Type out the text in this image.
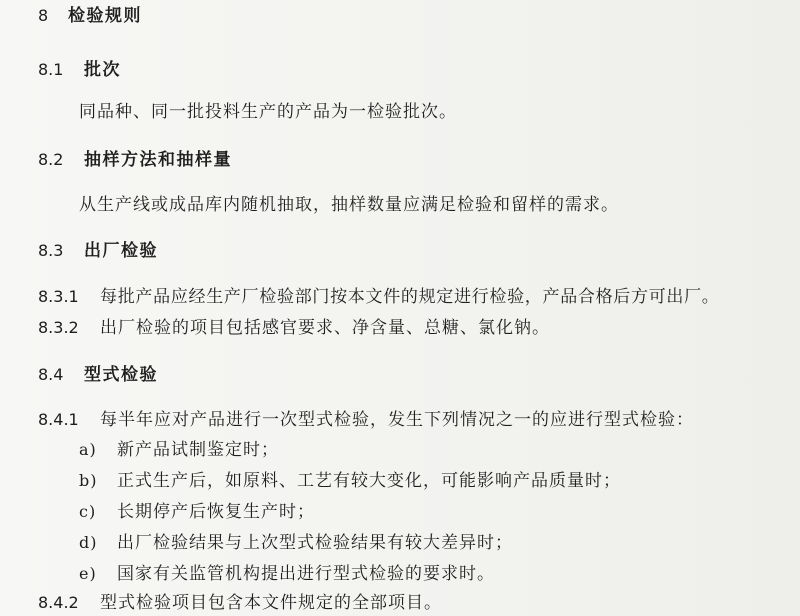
8 检验规则
8.1 批次
同品种、同一批投料生产的产品为一检验批次。
8.2 抽样方法和抽样量
从生产线或成品库内随机抽取，抽样数量应满足检验和留样的需求。
8.3 出厂检验
8.3.1 每批产品应经生产厂检验部门按本文件的规定进行检验，产品合格后方可出厂。
8.3.2 出厂检验的项目包括感官要求、净含量、总糖、氯化钠。
8.4 型式检验
8.4.1 每半年应对产品进行一次型式检验，发生下列情况之一的应进行型式检验：
a) 新产品试制鉴定时；
b) 正式生产后，如原料、工艺有较大变化，可能影响产品质量时；
c) 长期停产后恢复生产时；
d) 出厂检验结果与上次型式检验结果有较大差异时；
e) 国家有关监管机构提出进行型式检验的要求时。
8.4.2 型式检验项目包含本文件规定的全部项目。
